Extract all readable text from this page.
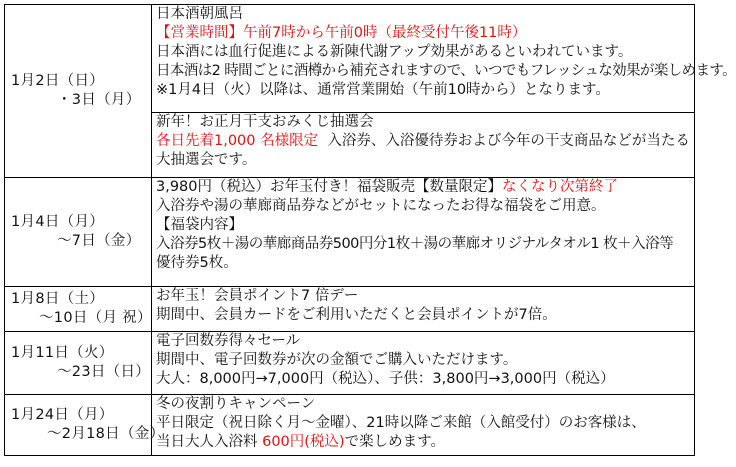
1月2日（日）
・3日（月）	日本酒朝風呂
【営業時間】午前7時から午前0時（最終受付午後11時）
日本酒には血行促進による新陳代謝アップ効果があるといわれています。
日本酒は2 時間ごとに酒樽から補充されますので、いつでもフレッシュな効果が楽しめます。
※1月4日（火）以降は、通常営業開始（午前10時から）となります。

	新年！お正月干支おみくじ抽選会
各日先着1,000 名様限定 入浴券、入浴優待券および今年の干支商品などが当たる
大抽選会です。

1月4日（月）
～7日（金）	3,980円（税込）お年玉付き！福袋販売【数量限定】なくなり次第終了
入浴券や湯の華廊商品券などがセットになったお得な福袋をご用意。
【福袋内容】
入浴券5枚＋湯の華廊商品券500円分1枚＋湯の華廊オリジナルタオル1 枚＋入浴等
優待券5枚。

1月8日（土）
～10日（月 祝）	お年玉！会員ポイント7 倍デー
期間中、会員カードをご利用いただくと会員ポイントが7倍。

1月11日（火）
～23日（日）	電子回数券得々セール
期間中、電子回数券が次の金額でご購入いただけます。
大人：8,000円→7,000円（税込）、子供：3,800円→3,000円（税込）

1月24日（月）
～2月18日（金）	冬の夜割りキャンペーン
平日限定（祝日除く月～金曜）、21時以降ご来館（入館受付）のお客様は、
当日大人入浴料 600円(税込)で楽しめます。
